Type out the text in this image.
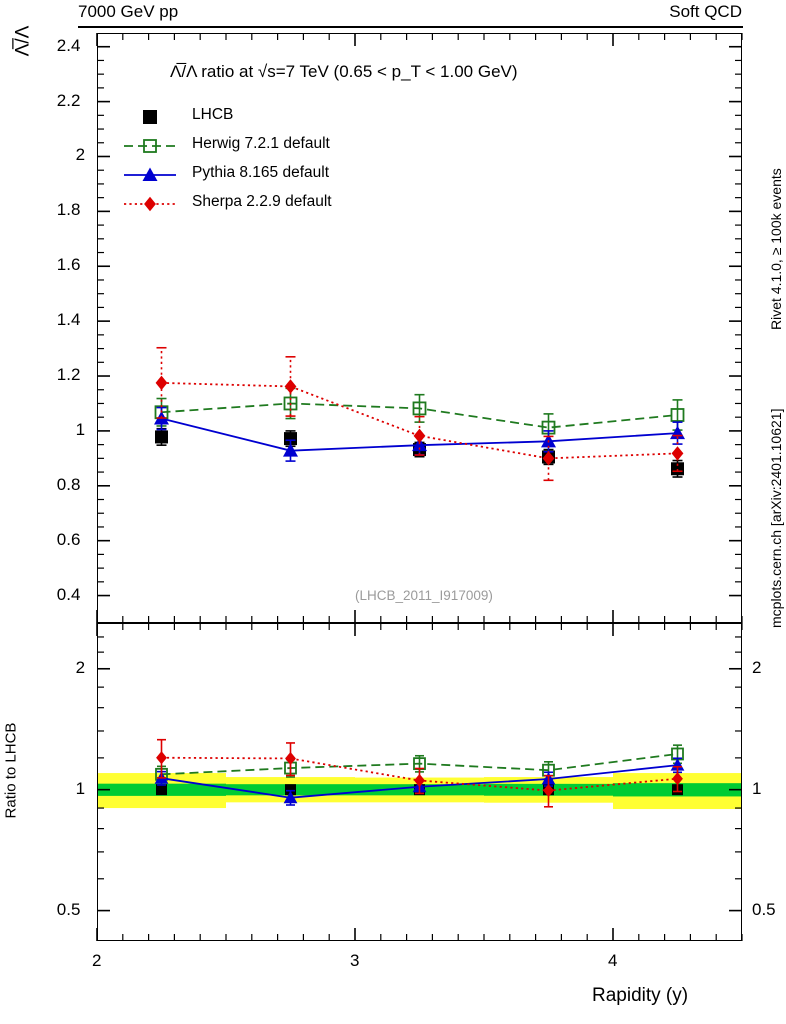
7000 GeV pp	Soft QCD
Rivet 4.1.0, ≥ 100k events
mcplots.cern.ch [arXiv:2401.10621]
Λ̅/Λ
Λ̅/Λ ratio at √s=7 TeV (0.65 < p_T < 1.00 GeV)
0.4
0.6
0.8
1
1.2
1.4
1.6
1.8
2
2.2
2.4
0.5	0.5
1	1
2	2
2	3	4
LHCB
Herwig 7.2.1 default
Pythia 8.165 default
Sherpa 2.2.9 default
(LHCB_2011_I917009)
Ratio to LHCB
Rapidity (y)
